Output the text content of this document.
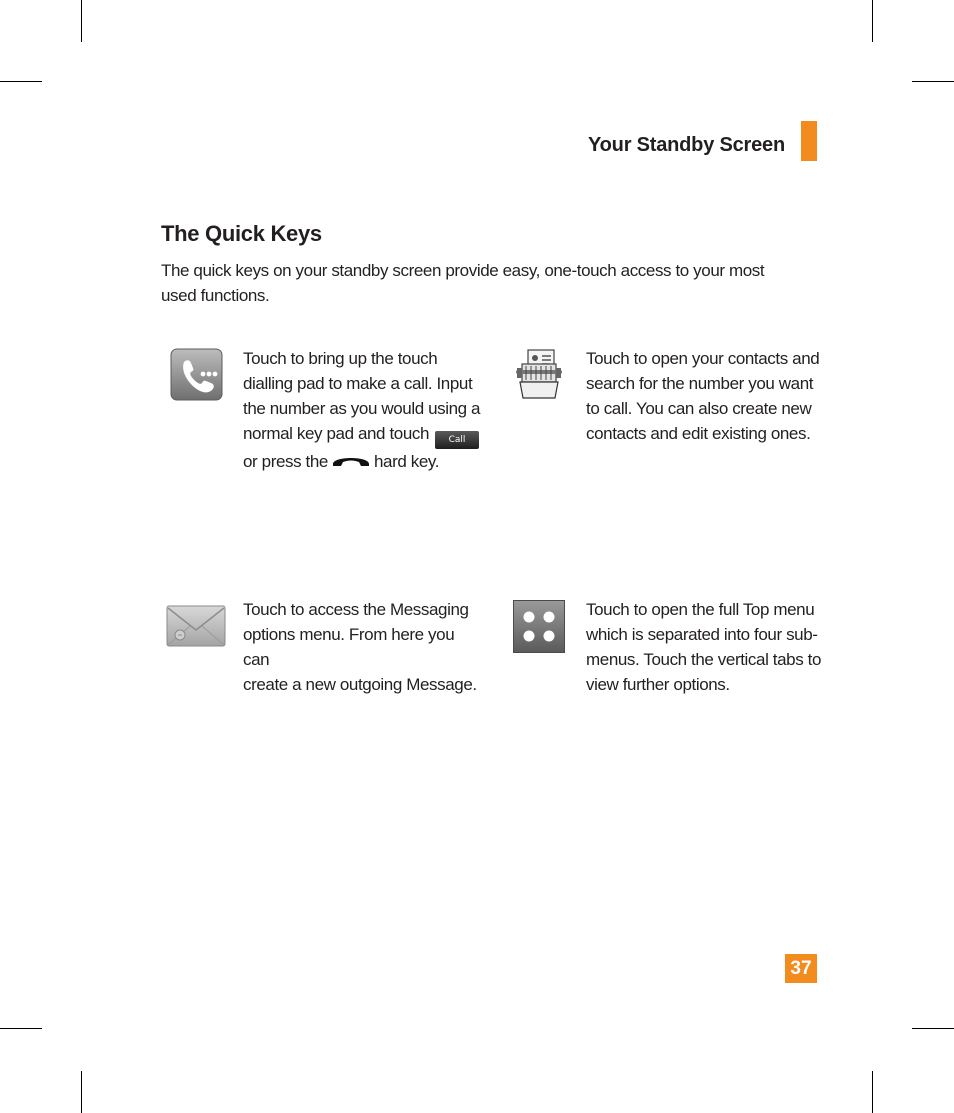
Your Standby Screen
The Quick Keys
The quick keys on your standby screen provide easy, one-touch access to your most used functions.
Touch to bring up the touch
dialling pad to make a call. Input
the number as you would using a
normal key pad and touch Call
or press the	hard key.
Touch to open your contacts and
search for the number you want
to call. You can also create new
contacts and edit existing ones.
Touch to access the Messaging
options menu. From here you can
create a new outgoing Message.
Touch to open the full Top menu
which is separated into four sub-
menus. Touch the vertical tabs to
view further options.
37
